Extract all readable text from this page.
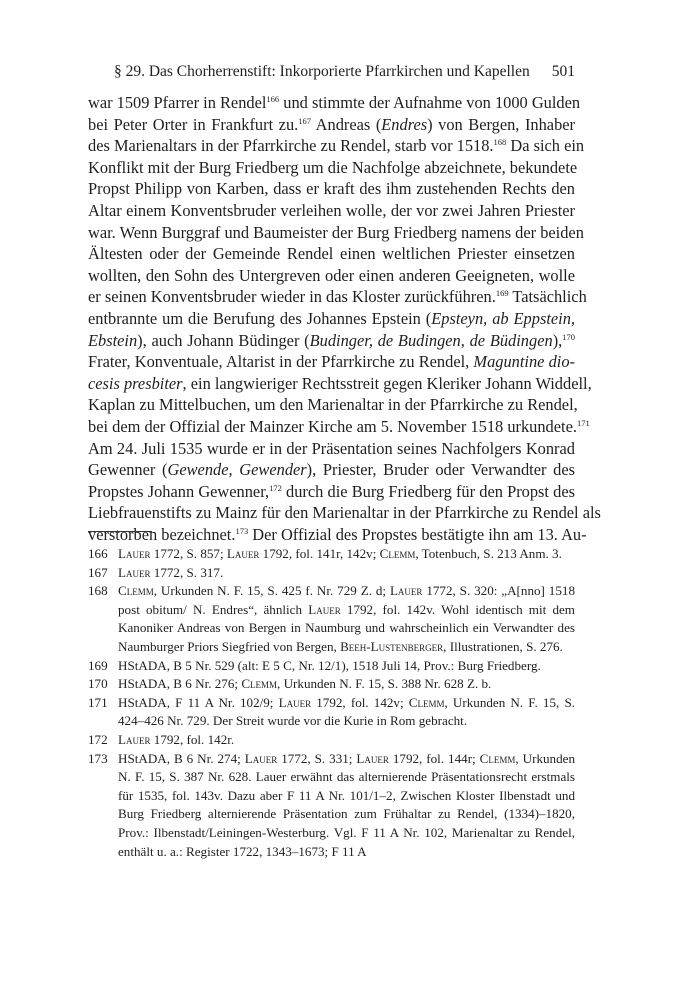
§ 29. Das Chorherrenstift: Inkorporierte Pfarrkirchen und Kapellen 501
war 1509 Pfarrer in Rendel$^{166}$ und stimmte der Aufnahme von 1000 Gulden
bei Peter Orter in Frankfurt zu.$^{167}$ Andreas (Endres) von Bergen, Inhaber
des Marienaltars in der Pfarrkirche zu Rendel, starb vor 1518.$^{168}$ Da sich ein
Konflikt mit der Burg Friedberg um die Nachfolge abzeichnete, bekundete
Propst Philipp von Karben, dass er kraft des ihm zustehenden Rechts den
Altar einem Konventsbruder verleihen wolle, der vor zwei Jahren Priester
war. Wenn Burggraf und Baumeister der Burg Friedberg namens der beiden
Ältesten oder der Gemeinde Rendel einen weltlichen Priester einsetzen
wollten, den Sohn des Untergreven oder einen anderen Geeigneten, wolle
er seinen Konventsbruder wieder in das Kloster zurückführen.$^{169}$ Tatsächlich
entbrannte um die Berufung des Johannes Epstein (Epsteyn, ab Eppstein,
Ebstein), auch Johann Büdinger (Budinger, de Budingen, de Büdingen),$^{170}$
Frater, Konventuale, Altarist in der Pfarrkirche zu Rendel, Maguntine dio-
cesis presbiter, ein langwieriger Rechtsstreit gegen Kleriker Johann Widdell,
Kaplan zu Mittelbuchen, um den Marienaltar in der Pfarrkirche zu Rendel,
bei dem der Offizial der Mainzer Kirche am 5. November 1518 urkundete.$^{171}$
Am 24. Juli 1535 wurde er in der Präsentation seines Nachfolgers Konrad
Gewenner (Gewende, Gewender), Priester, Bruder oder Verwandter des
Propstes Johann Gewenner,$^{172}$ durch die Burg Friedberg für den Propst des
Liebfrauenstifts zu Mainz für den Marienaltar in der Pfarrkirche zu Rendel als
verstorben bezeichnet.$^{173}$ Der Offizial des Propstes bestätigte ihn am 13. Au-
166 Lauer 1772, S. 857; Lauer 1792, fol. 141r, 142v; Clemm, Totenbuch, S. 213 Anm. 3.
167 Lauer 1772, S. 317.
168 Clemm, Urkunden N. F. 15, S. 425 f. Nr. 729 Z. d; Lauer 1772, S. 320: „A[nno] 1518 post obitum/ N. Endres“, ähnlich Lauer 1792, fol. 142v. Wohl identisch mit dem Kanoniker Andreas von Bergen in Naumburg und wahrscheinlich ein Verwandter des Naumburger Priors Siegfried von Bergen, Beeh-Lustenberger, Illustrationen, S. 276.
169 HStADA, B 5 Nr. 529 (alt: E 5 C, Nr. 12/1), 1518 Juli 14, Prov.: Burg Friedberg.
170 HStADA, B 6 Nr. 276; Clemm, Urkunden N. F. 15, S. 388 Nr. 628 Z. b.
171 HStADA, F 11 A Nr. 102/9; Lauer 1792, fol. 142v; Clemm, Urkunden N. F. 15, S. 424–426 Nr. 729. Der Streit wurde vor die Kurie in Rom gebracht.
172 Lauer 1792, fol. 142r.
173 HStADA, B 6 Nr. 274; Lauer 1772, S. 331; Lauer 1792, fol. 144r; Clemm, Urkunden N. F. 15, S. 387 Nr. 628. Lauer erwähnt das alternierende Präsentationsrecht erstmals für 1535, fol. 143v. Dazu aber F 11 A Nr. 101/1–2, Zwischen Kloster Ilbenstadt und Burg Friedberg alternierende Präsentation zum Frühaltar zu Rendel, (1334)–1820, Prov.: Ilbenstadt/Leiningen-Westerburg. Vgl. F 11 A Nr. 102, Marienaltar zu Rendel, enthält u. a.: Register 1722, 1343–1673; F 11 A
